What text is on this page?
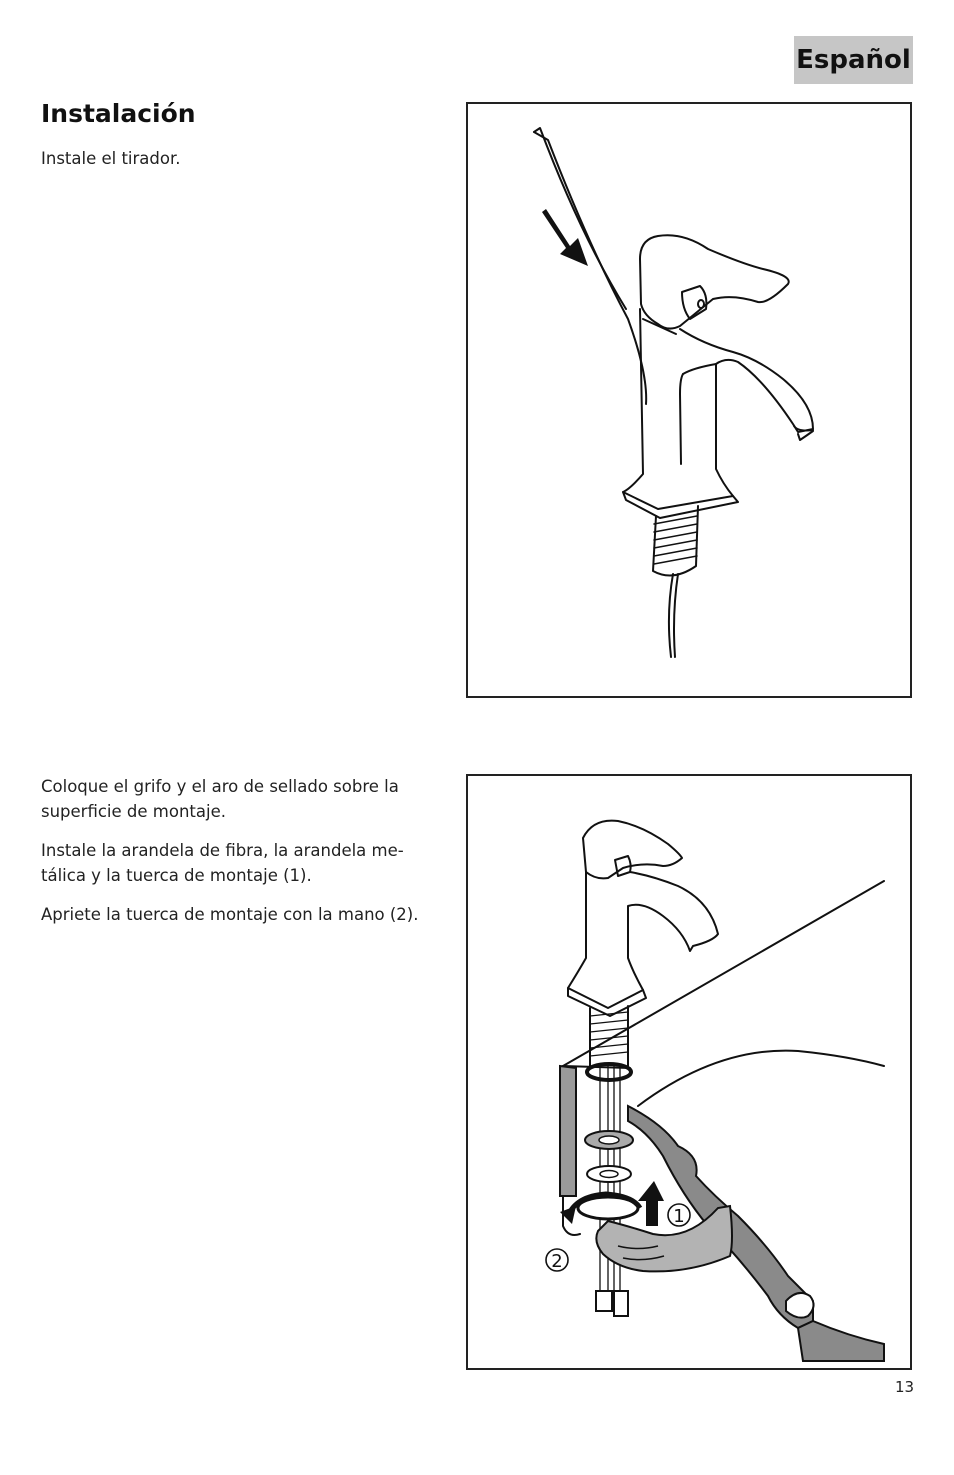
Español
Instalación

Instale el tirador.

Coloque el grifo y el aro de sellado sobre la
superficie de montaje.

Instale la arandela de fibra, la arandela me-
tálica y la tuerca de montaje (1).

Apriete la tuerca de montaje con la mano (2).

1
2
13
